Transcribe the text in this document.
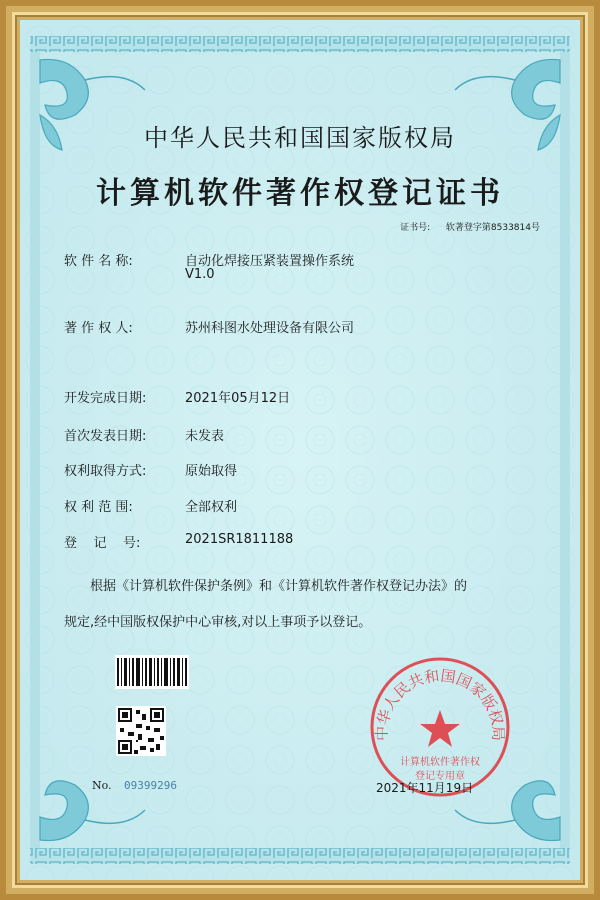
中华人民共和国国家版权局
计算机软件著作权登记证书
证书号: 软著登字第8533814号
软 件 名 称:	自动化焊接压紧装置操作系统
V1.0
著 作 权 人:	苏州科图水处理设备有限公司
开发完成日期:	2021年05月12日
首次发表日期:	未发表
权利取得方式:	原始取得
权 利 范 围:	全部权利
登    记    号:	2021SR1811188
根据《计算机软件保护条例》和《计算机软件著作权登记办法》的
规定,经中国版权保护中心审核,对以上事项予以登记。
中华人民共和国国家版权局
计算机软件著作权
登记专用章
No. 09399296	2021年11月19日
